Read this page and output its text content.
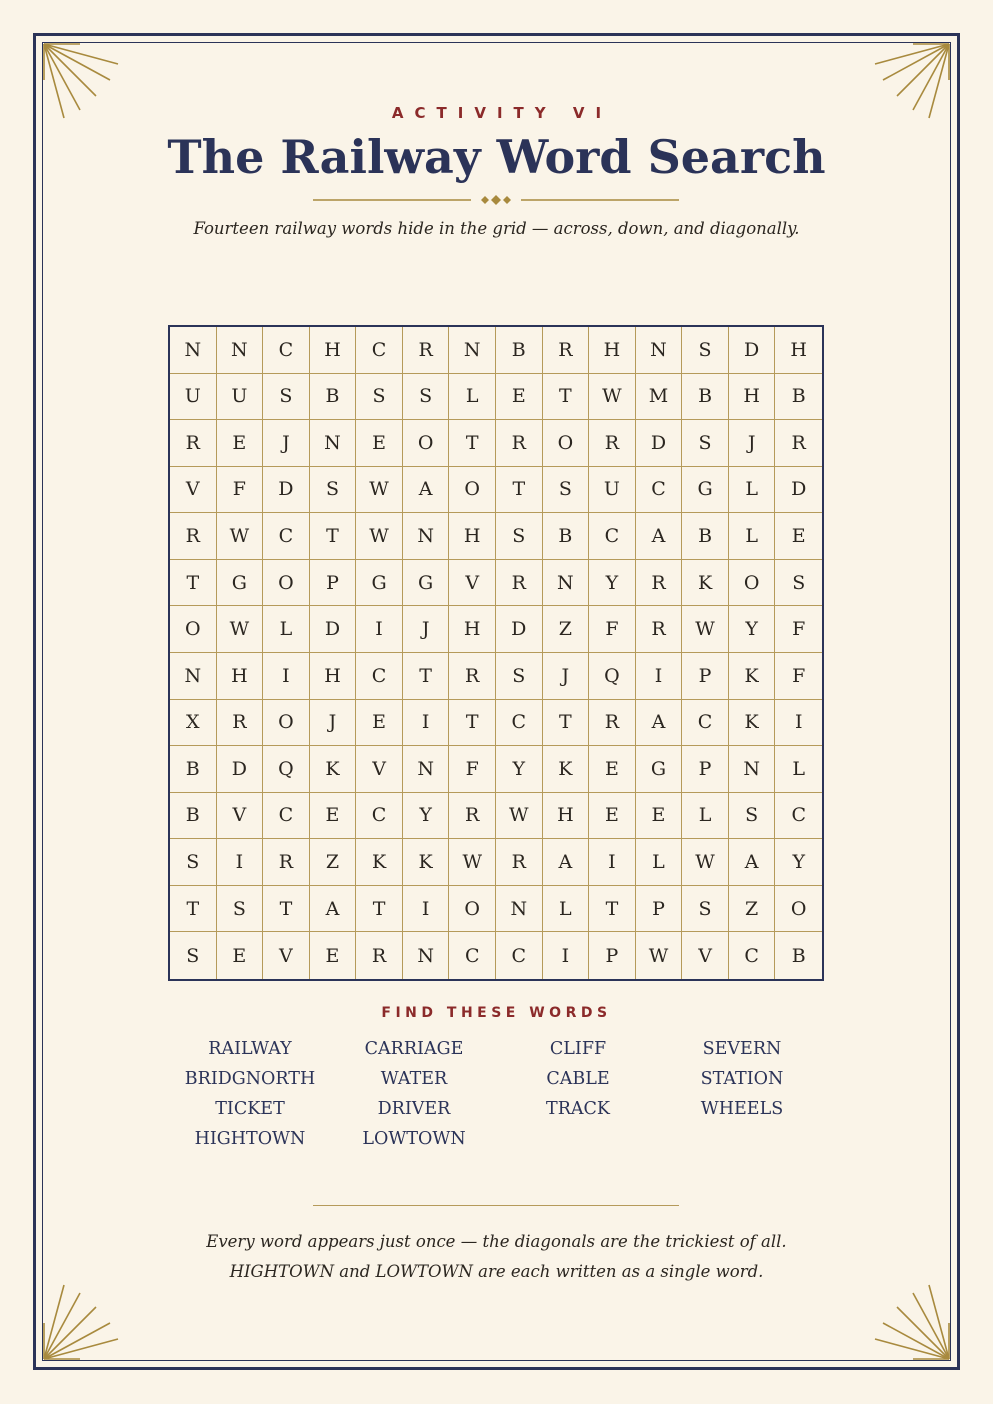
ACTIVITY VI
The Railway Word Search
Fourteen railway words hide in the grid — across, down, and diagonally.
N	N	C	H	C	R	N	B	R	H	N	S	D	H
U	U	S	B	S	S	L	E	T	W	M	B	H	B
R	E	J	N	E	O	T	R	O	R	D	S	J	R
V	F	D	S	W	A	O	T	S	U	C	G	L	D
R	W	C	T	W	N	H	S	B	C	A	B	L	E
T	G	O	P	G	G	V	R	N	Y	R	K	O	S
O	W	L	D	I	J	H	D	Z	F	R	W	Y	F
N	H	I	H	C	T	R	S	J	Q	I	P	K	F
X	R	O	J	E	I	T	C	T	R	A	C	K	I
B	D	Q	K	V	N	F	Y	K	E	G	P	N	L
B	V	C	E	C	Y	R	W	H	E	E	L	S	C
S	I	R	Z	K	K	W	R	A	I	L	W	A	Y
T	S	T	A	T	I	O	N	L	T	P	S	Z	O
S	E	V	E	R	N	C	C	I	P	W	V	C	B
FIND THESE WORDS
RAILWAY	CARRIAGE	CLIFF	SEVERN
BRIDGNORTH	WATER	CABLE	STATION
TICKET	DRIVER	TRACK	WHEELS
HIGHTOWN	LOWTOWN
Every word appears just once — the diagonals are the trickiest of all.
HIGHTOWN and LOWTOWN are each written as a single word.
